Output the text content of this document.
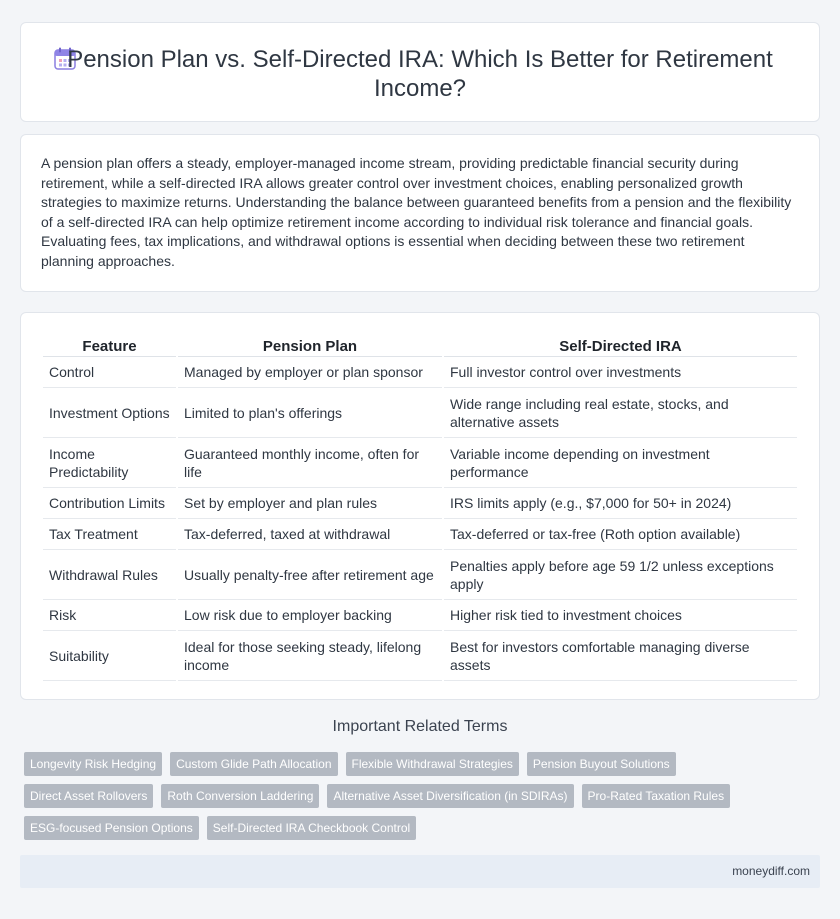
Pension Plan vs. Self-Directed IRA: Which Is Better for Retirement Income?

A pension plan offers a steady, employer-managed income stream, providing predictable financial security during retirement, while a self-directed IRA allows greater control over investment choices, enabling personalized growth strategies to maximize returns. Understanding the balance between guaranteed benefits from a pension and the flexibility of a self-directed IRA can help optimize retirement income according to individual risk tolerance and financial goals. Evaluating fees, tax implications, and withdrawal options is essential when deciding between these two retirement planning approaches.

Feature	Pension Plan	Self-Directed IRA
Control	Managed by employer or plan sponsor	Full investor control over investments
Investment Options	Limited to plan's offerings	Wide range including real estate, stocks, and alternative assets
Income Predictability	Guaranteed monthly income, often for life	Variable income depending on investment performance
Contribution Limits	Set by employer and plan rules	IRS limits apply (e.g., $7,000 for 50+ in 2024)
Tax Treatment	Tax-deferred, taxed at withdrawal	Tax-deferred or tax-free (Roth option available)
Withdrawal Rules	Usually penalty-free after retirement age	Penalties apply before age 59 1/2 unless exceptions apply
Risk	Low risk due to employer backing	Higher risk tied to investment choices
Suitability	Ideal for those seeking steady, lifelong income	Best for investors comfortable managing diverse assets
Important Related Terms
Longevity Risk Hedging	Custom Glide Path Allocation	Flexible Withdrawal Strategies	Pension Buyout Solutions
Direct Asset Rollovers	Roth Conversion Laddering	Alternative Asset Diversification (in SDIRAs)	Pro-Rated Taxation Rules
ESG-focused Pension Options	Self-Directed IRA Checkbook Control
moneydiff.com
